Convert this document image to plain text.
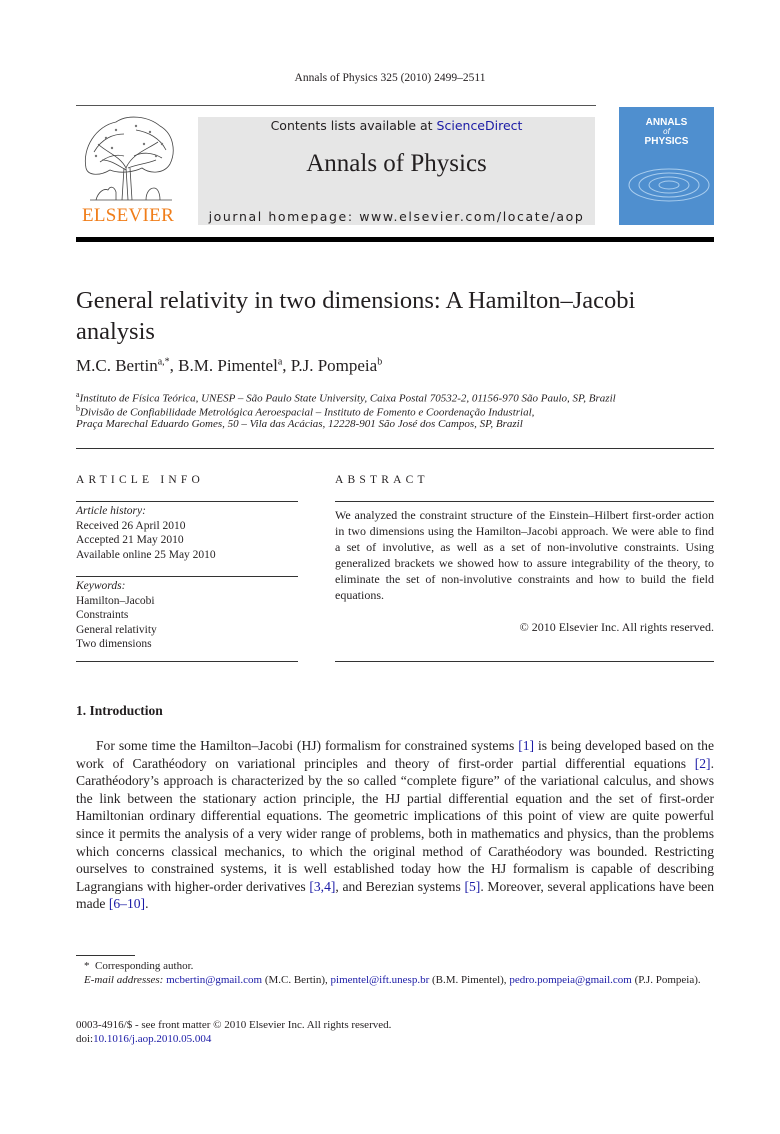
Annals of Physics 325 (2010) 2499–2511
ELSEVIER
Contents lists available at ScienceDirect
Annals of Physics
journal homepage: www.elsevier.com/locate/aop
ANNALS
of
PHYSICS
General relativity in two dimensions: A Hamilton–Jacobi
analysis
M.C. Bertin$^{a,*}$, B.M. Pimentel$^a$, P.J. Pompeia$^b$
$^a$Instituto de Física Teórica, UNESP – São Paulo State University, Caixa Postal 70532-2, 01156-970 São Paulo, SP, Brazil
$^b$Divisão de Confiabilidade Metrológica Aeroespacial – Instituto de Fomento e Coordenação Industrial,
Praça Marechal Eduardo Gomes, 50 – Vila das Acácias, 12228-901 São José dos Campos, SP, Brazil
ARTICLE INFO
Article history:
Received 26 April 2010
Accepted 21 May 2010
Available online 25 May 2010
Keywords:
Hamilton–Jacobi
Constraints
General relativity
Two dimensions
ABSTRACT
We analyzed the constraint structure of the Einstein–Hilbert first-order action in two dimensions using the Hamilton–Jacobi approach. We were able to find a set of involutive, as well as a set of non-involutive constraints. Using generalized brackets we showed how to assure integrability of the theory, to eliminate the set of non-involutive constraints and how to build the field equations.
© 2010 Elsevier Inc. All rights reserved.
1. Introduction
For some time the Hamilton–Jacobi (HJ) formalism for constrained systems [1] is being developed based on the work of Carathéodory on variational principles and theory of first-order partial differential equations [2]. Carathéodory’s approach is characterized by the so called “complete figure” of the variational calculus, and shows the link between the stationary action principle, the HJ partial differential equation and the set of first-order Hamiltonian ordinary differential equations. The geometric implications of this point of view are quite powerful since it permits the analysis of a very wider range of problems, both in mathematics and physics, than the problems which concerns classical mechanics, to which the original method of Carathéodory was bounded. Restricting ourselves to constrained systems, it is well established today how the HJ formalism is capable of describing Lagrangians with higher-order derivatives [3,4], and Berezian systems [5]. Moreover, several applications have been made [6–10].
* Corresponding author.
E-mail addresses: mcbertin@gmail.com (M.C. Bertin), pimentel@ift.unesp.br (B.M. Pimentel), pedro.pompeia@gmail.com (P.J. Pompeia).
0003-4916/$ - see front matter © 2010 Elsevier Inc. All rights reserved.
doi:10.1016/j.aop.2010.05.004
